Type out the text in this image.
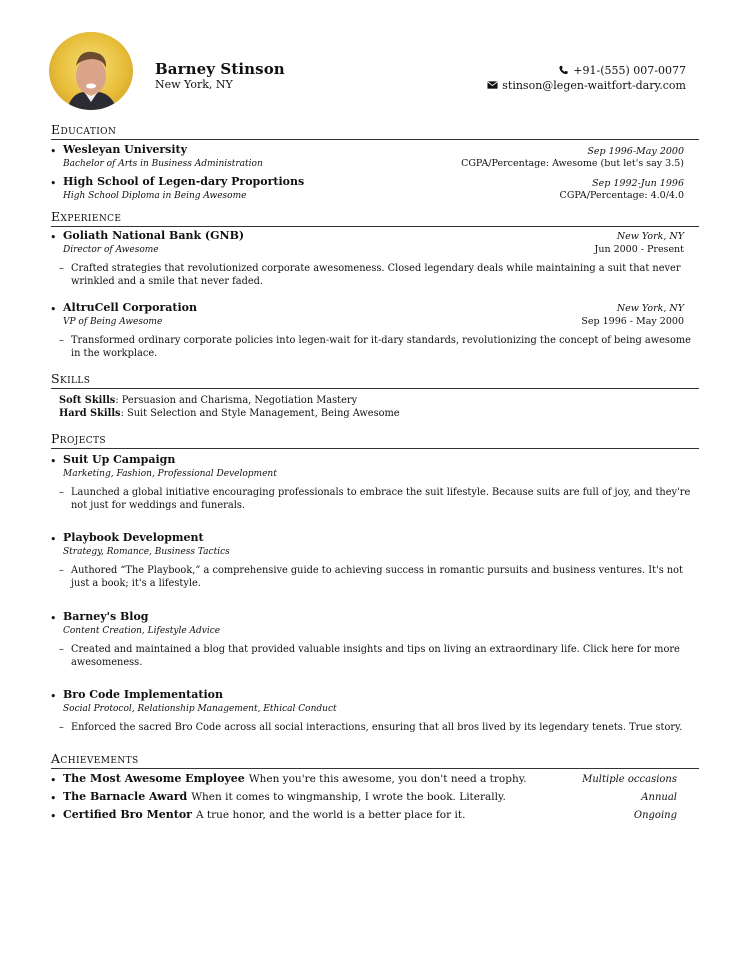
Barney Stinson
New York, NY
+91-(555) 007-0077
stinson@legen-waitfort-dary.com
Education
• Wesleyan University	Sep 1996-May 2000
Bachelor of Arts in Business Administration	CGPA/Percentage: Awesome (but let's say 3.5)
• High School of Legen-dary Proportions	Sep 1992-Jun 1996
High School Diploma in Being Awesome	CGPA/Percentage: 4.0/4.0
Experience
• Goliath National Bank (GNB)	New York, NY
Director of Awesome	Jun 2000 - Present
– Crafted strategies that revolutionized corporate awesomeness. Closed legendary deals while maintaining a suit that never wrinkled and a smile that never faded.
• AltruCell Corporation	New York, NY
VP of Being Awesome	Sep 1996 - May 2000
– Transformed ordinary corporate policies into legen-wait for it-dary standards, revolutionizing the concept of being awesome in the workplace.
Skills
Soft Skills: Persuasion and Charisma, Negotiation Mastery
Hard Skills: Suit Selection and Style Management, Being Awesome
Projects
• Suit Up Campaign
Marketing, Fashion, Professional Development
– Launched a global initiative encouraging professionals to embrace the suit lifestyle. Because suits are full of joy, and they're not just for weddings and funerals.
• Playbook Development
Strategy, Romance, Business Tactics
– Authored “The Playbook,” a comprehensive guide to achieving success in romantic pursuits and business ventures. It's not just a book; it's a lifestyle.
• Barney's Blog
Content Creation, Lifestyle Advice
– Created and maintained a blog that provided valuable insights and tips on living an extraordinary life. Click here for more awesomeness.
• Bro Code Implementation
Social Protocol, Relationship Management, Ethical Conduct
– Enforced the sacred Bro Code across all social interactions, ensuring that all bros lived by its legendary tenets. True story.
Achievements
• The Most Awesome Employee When you're this awesome, you don't need a trophy.	Multiple occasions
• The Barnacle Award When it comes to wingmanship, I wrote the book. Literally.	Annual
• Certified Bro Mentor A true honor, and the world is a better place for it.	Ongoing
